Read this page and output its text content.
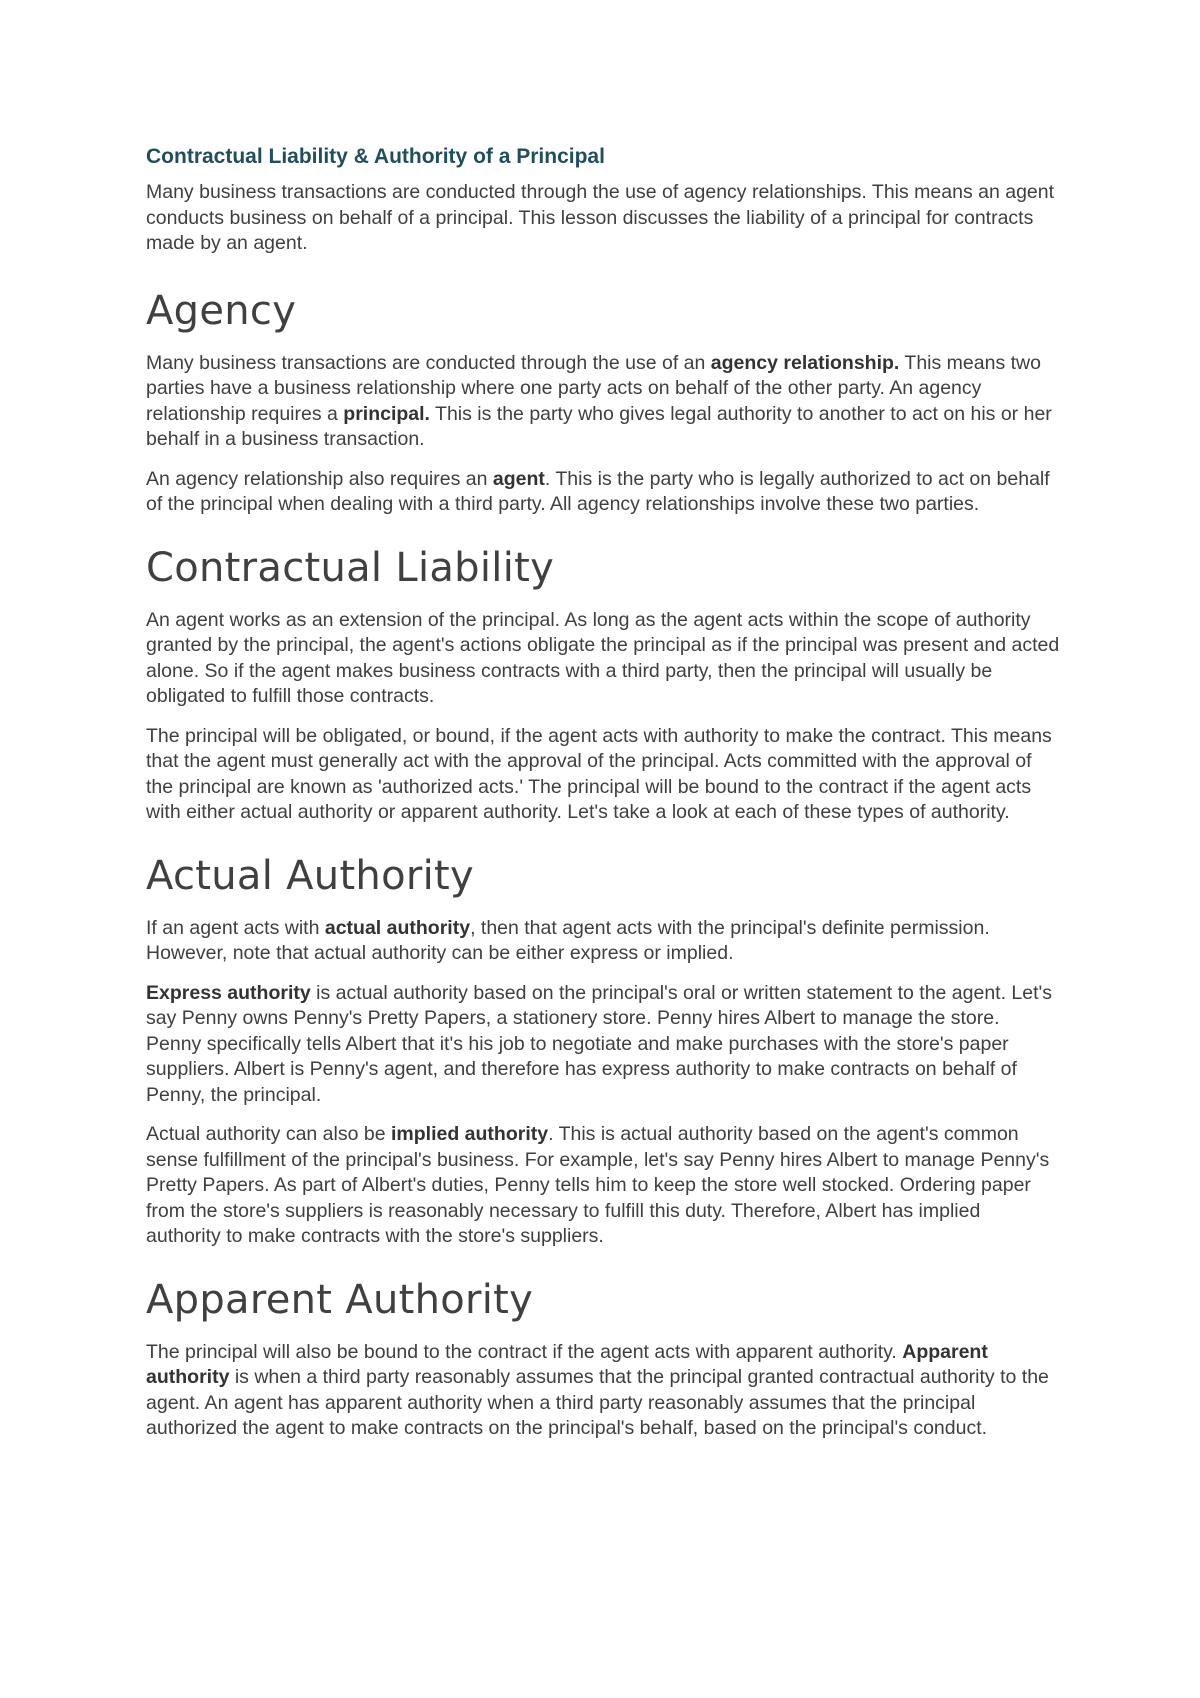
Contractual Liability & Authority of a Principal

Many business transactions are conducted through the use of agency relationships. This means an agent conducts business on behalf of a principal. This lesson discusses the liability of a principal for contracts made by an agent.

Agency

Many business transactions are conducted through the use of an agency relationship. This means two parties have a business relationship where one party acts on behalf of the other party. An agency relationship requires a principal. This is the party who gives legal authority to another to act on his or her behalf in a business transaction.

An agency relationship also requires an agent. This is the party who is legally authorized to act on behalf of the principal when dealing with a third party. All agency relationships involve these two parties.

Contractual Liability

An agent works as an extension of the principal. As long as the agent acts within the scope of authority granted by the principal, the agent's actions obligate the principal as if the principal was present and acted alone. So if the agent makes business contracts with a third party, then the principal will usually be obligated to fulfill those contracts.

The principal will be obligated, or bound, if the agent acts with authority to make the contract. This means that the agent must generally act with the approval of the principal. Acts committed with the approval of the principal are known as 'authorized acts.' The principal will be bound to the contract if the agent acts with either actual authority or apparent authority. Let's take a look at each of these types of authority.

Actual Authority

If an agent acts with actual authority, then that agent acts with the principal's definite permission. However, note that actual authority can be either express or implied.

Express authority is actual authority based on the principal's oral or written statement to the agent. Let's say Penny owns Penny's Pretty Papers, a stationery store. Penny hires Albert to manage the store. Penny specifically tells Albert that it's his job to negotiate and make purchases with the store's paper suppliers. Albert is Penny's agent, and therefore has express authority to make contracts on behalf of Penny, the principal.

Actual authority can also be implied authority. This is actual authority based on the agent's common sense fulfillment of the principal's business. For example, let's say Penny hires Albert to manage Penny's Pretty Papers. As part of Albert's duties, Penny tells him to keep the store well stocked. Ordering paper from the store's suppliers is reasonably necessary to fulfill this duty. Therefore, Albert has implied authority to make contracts with the store's suppliers.

Apparent Authority

The principal will also be bound to the contract if the agent acts with apparent authority. Apparent authority is when a third party reasonably assumes that the principal granted contractual authority to the agent. An agent has apparent authority when a third party reasonably assumes that the principal authorized the agent to make contracts on the principal's behalf, based on the principal's conduct.
